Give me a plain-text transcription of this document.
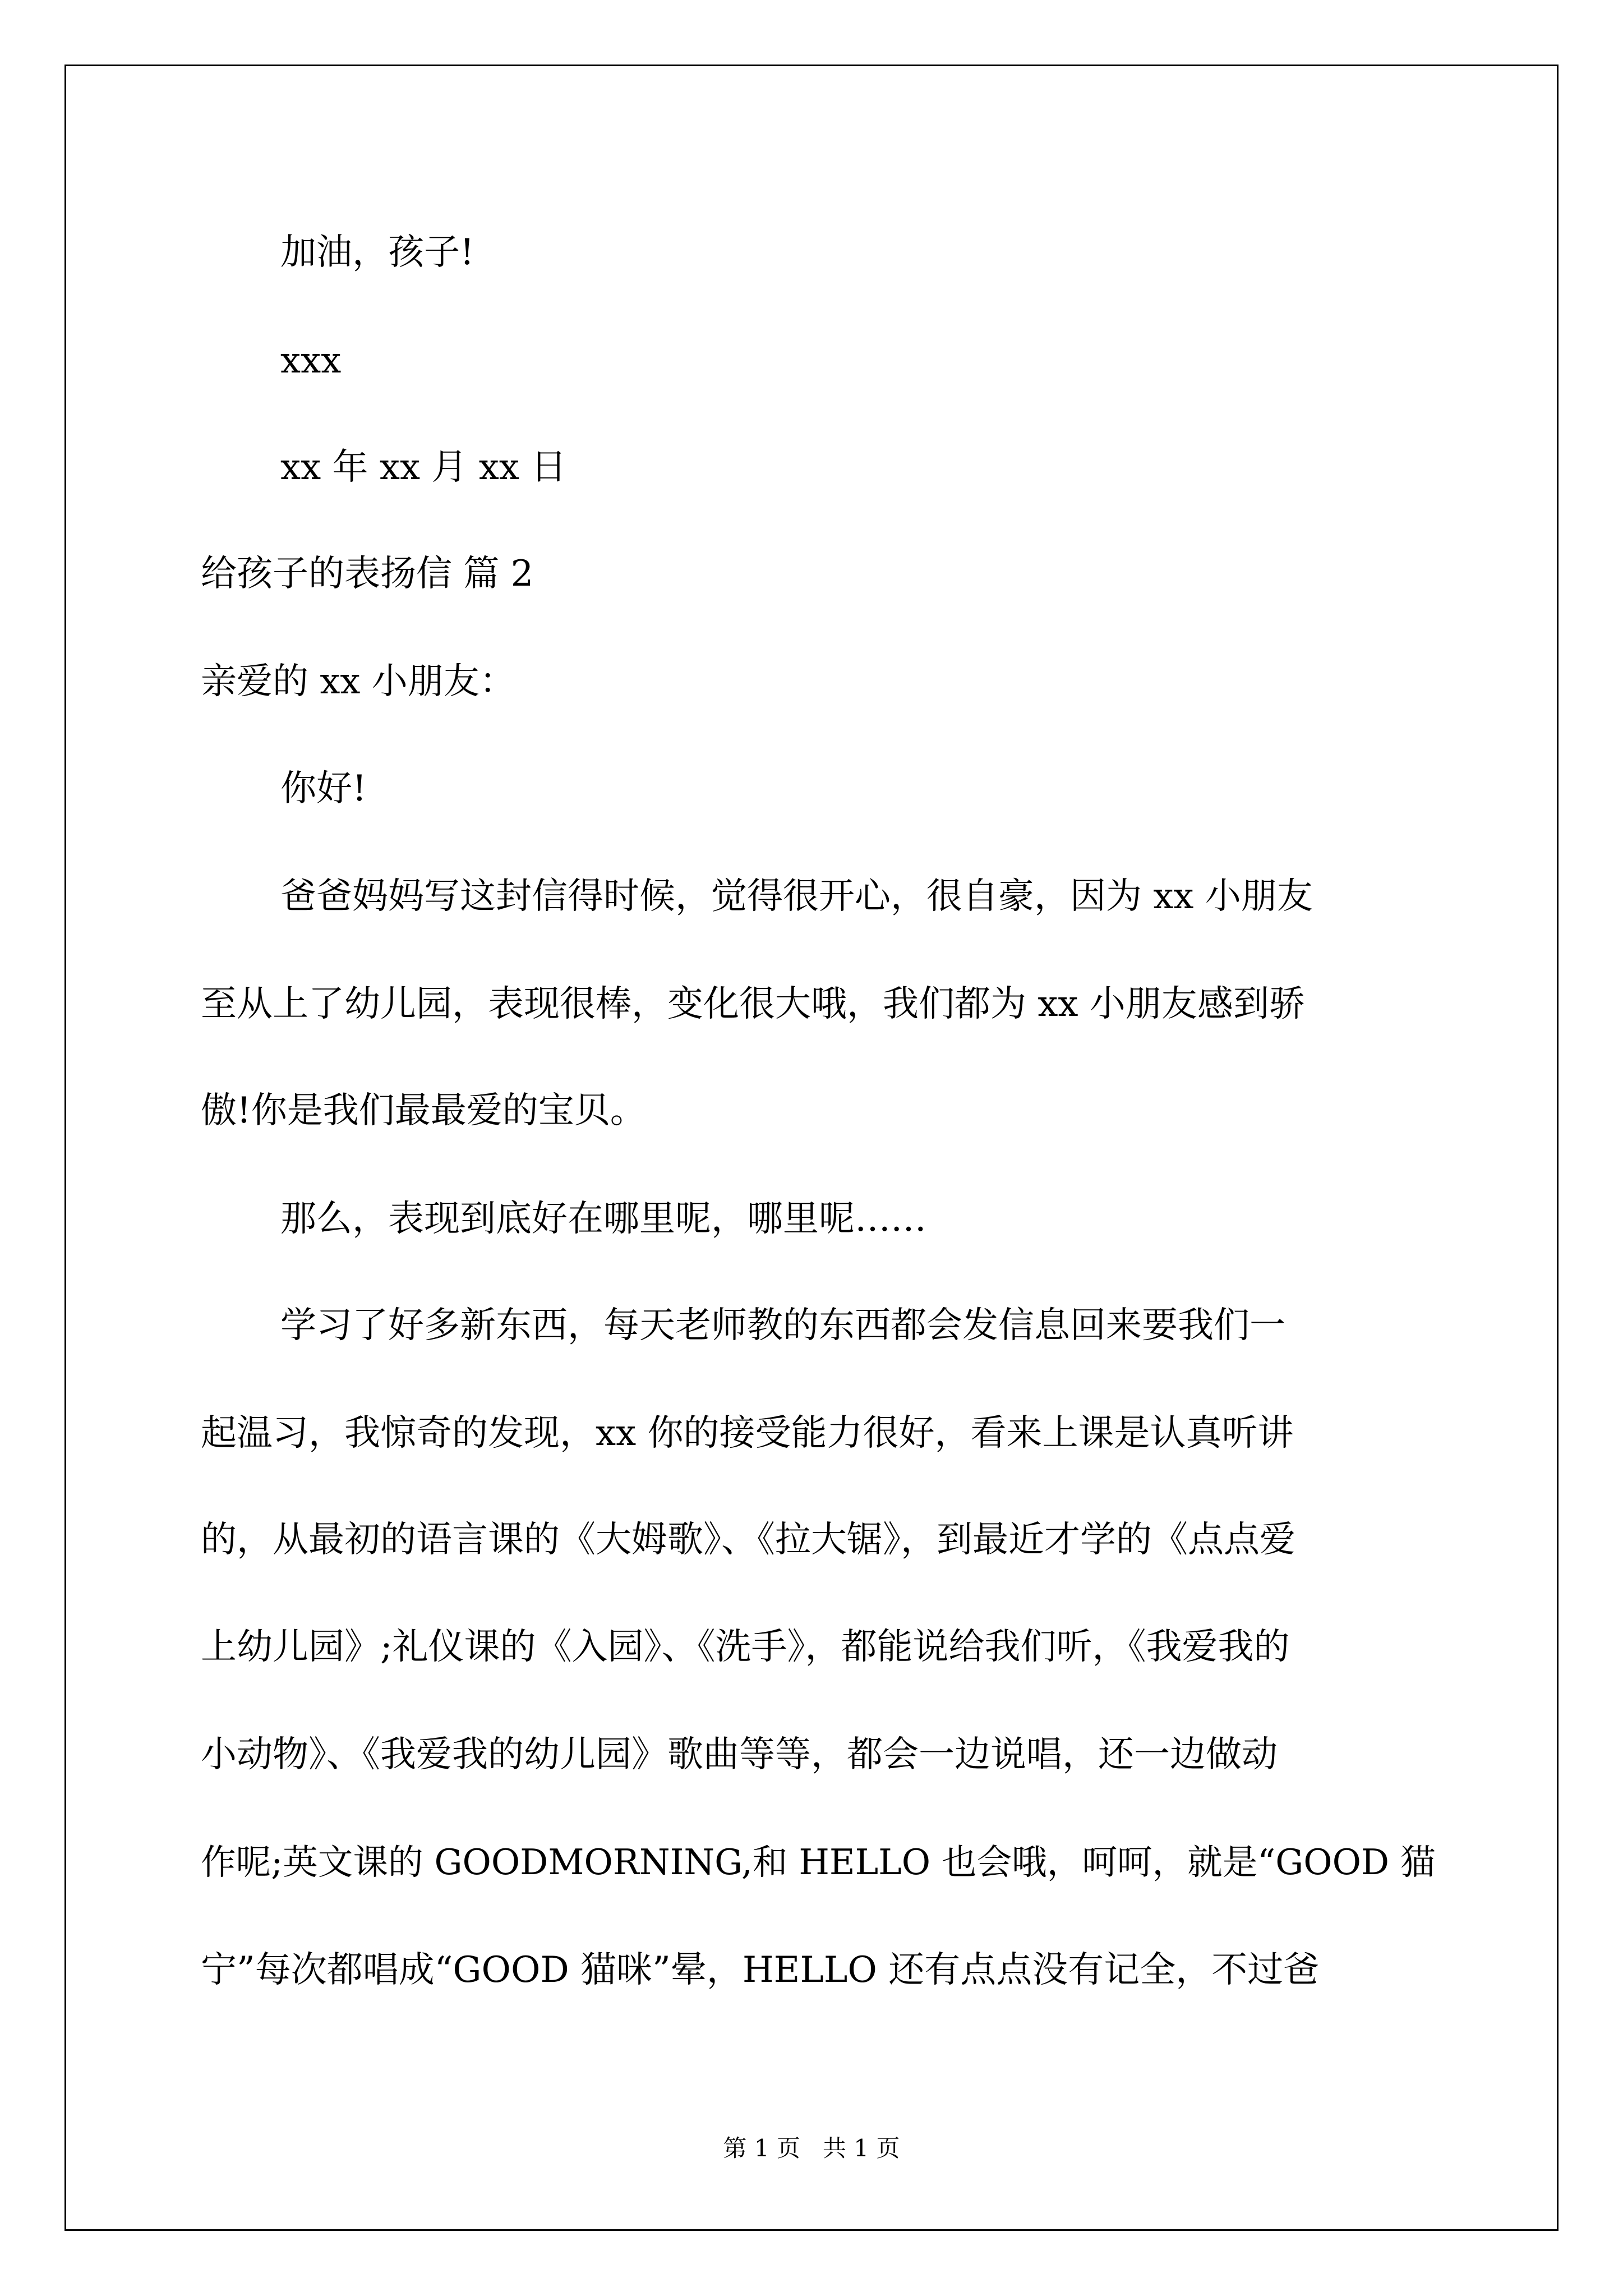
加油，孩子!
xxx
xx 年 xx 月 xx 日
给孩子的表扬信 篇 2
亲爱的 xx 小朋友：
你好!
爸爸妈妈写这封信得时候，觉得很开心，很自豪，因为 xx 小朋友
至从上了幼儿园，表现很棒，变化很大哦，我们都为 xx 小朋友感到骄
傲!你是我们最最爱的宝贝。
那么，表现到底好在哪里呢，哪里呢……
学习了好多新东西，每天老师教的东西都会发信息回来要我们一
起温习，我惊奇的发现，xx 你的接受能力很好，看来上课是认真听讲
的，从最初的语言课的《大姆歌》、《拉大锯》，到最近才学的《点点爱
上幼儿园》;礼仪课的《入园》、《洗手》，都能说给我们听，《我爱我的
小动物》、《我爱我的幼儿园》歌曲等等，都会一边说唱，还一边做动
作呢;英文课的 GOODMORNING,和 HELLO 也会哦，呵呵，就是“GOOD 猫
宁”每次都唱成“GOOD 猫咪”晕，HELLO 还有点点没有记全，不过爸
第 1 页   共 1 页
